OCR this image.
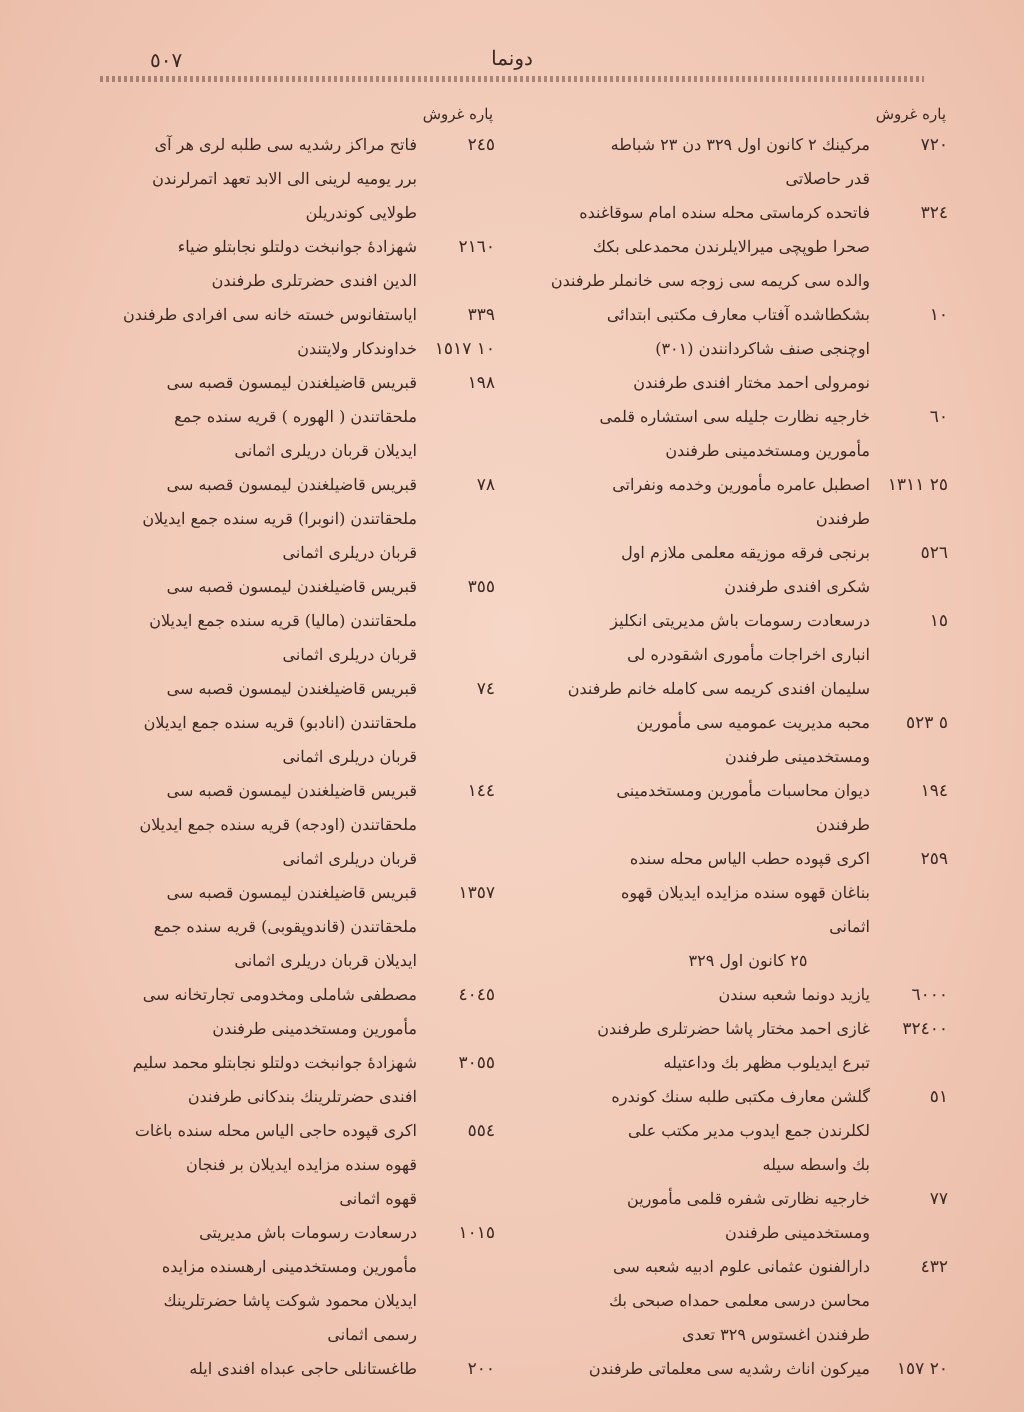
٥٠٧	دونما
پاره غروش
٧٢٠
مركينك ٢ كانون اول ٣٢٩ دن ٢٣ شباطه
قدر حاصلاتى
٣٢٤
فاتحده كرماستى محله سنده امام سوقاغنده
صحرا طوپچى ميرالايلرندن محمدعلى بكك
والده سى كريمه سى زوجه سى خانملر طرفندن
١٠
بشكطاشده آفتاب معارف مكتبى ابتدائى
اوچنجى صنف شاكردانندن (٣٠١)
نومرولى احمد مختار افندى طرفندن
٦٠
خارجيه نظارت جليله سى استشاره قلمى
مأمورين ومستخدمينى طرفندن
٢٥ ١٣١١
اصطبل عامره مأمورين وخدمه ونفراتى
طرفندن
٥٢٦
برنجى فرقه موزيقه معلمى ملازم اول
شكرى افندى طرفندن
١٥
درسعادت رسومات باش مديريتى انكليز
انبارى اخراجات مأمورى اشقودره لى
سليمان افندى كريمه سى كامله خانم طرفندن
٥ ٥٢٣
محبه مديريت عموميه سى مأمورين
ومستخدمينى طرفندن
١٩٤
ديوان محاسبات مأمورين ومستخدمينى
طرفندن
٢٥٩
اكرى قپوده حطب الياس محله سنده
بناغان قهوه سنده مزايده ايديلان قهوه
اثمانى
٢٥ كانون اول ٣٢٩
٦٠٠٠
يازيد دونما شعبه سندن
٣٢٤٠٠
غازى احمد مختار پاشا حضرتلرى طرفندن
تبرع ايديلوب مظهر بك وداعتيله
٥١
گلشن معارف مكتبى طلبه سنك كوندره
لكلرندن جمع ايدوب مدير مكتب على
بك واسطه سيله
٧٧
خارجيه نظارتى شفره قلمى مأمورين
ومستخدمينى طرفندن
٤٣٢
دارالفنون عثمانى علوم ادبيه شعبه سى
محاسن درسى معلمى حمداه صبحى بك
طرفندن اغستوس ٣٢٩ تعدى
٢٠ ١٥٧
ميركون اناث رشديه سى معلماتى طرفندن
پاره غروش
٢٤٥
فاتح مراكز رشديه سى طلبه لرى هر آى
برر يوميه لرينى الى الابد تعهد اتمرلرندن
طولايى كوندريلن
٢١٦٠
شهزادهٔ جوانبخت دولتلو نجابتلو ضياء
الدين افندى حضرتلرى طرفندن
٣٣٩
اياستفانوس خسته خانه سى افرادى طرفندن
١٠ ١٥١٧
خداوندكار ولايتندن
١٩٨
قبريس قاضيلغندن ليمسون قصبه سى
ملحقاتندن ( الهوره ) قريه سنده جمع
ايديلان قربان دريلرى اثمانى
٧٨
قبريس قاضيلغندن ليمسون قصبه سى
ملحقاتندن (انوبرا) قريه سنده جمع ايديلان
قربان دريلرى اثمانى
٣٥٥
قبريس قاضيلغندن ليمسون قصبه سى
ملحقاتندن (ماليا) قريه سنده جمع ايديلان
قربان دريلرى اثمانى
٧٤
قبريس قاضيلغندن ليمسون قصبه سى
ملحقاتندن (انادبو) قريه سنده جمع ايديلان
قربان دريلرى اثمانى
١٤٤
قبريس قاضيلغندن ليمسون قصبه سى
ملحقاتندن (اودجه) قريه سنده جمع ايديلان
قربان دريلرى اثمانى
١٣٥٧
قبريس قاضيلغندن ليمسون قصبه سى
ملحقاتندن (قاندوپقوبى) قريه سنده جمع
ايديلان قربان دريلرى اثمانى
٤٠٤٥
مصطفى شاملى ومخدومى تجارتخانه سى
مأمورين ومستخدمينى طرفندن
٣٠٥٥
شهزادهٔ جوانبخت دولتلو نجابتلو محمد سليم
افندى حضرتلرينك بندكانى طرفندن
٥٥٤
اكرى قپوده حاجى الياس محله سنده باغات
قهوه سنده مزايده ايديلان بر فنجان
قهوه اثمانى
١٠١٥
درسعادت رسومات باش مديريتى
مأمورين ومستخدمينى ارهسنده مزايده
ايديلان محمود شوكت پاشا حضرتلرينك
رسمى اثمانى
٢٠٠
طاغستانلى حاجى عبداه افندى ايله
